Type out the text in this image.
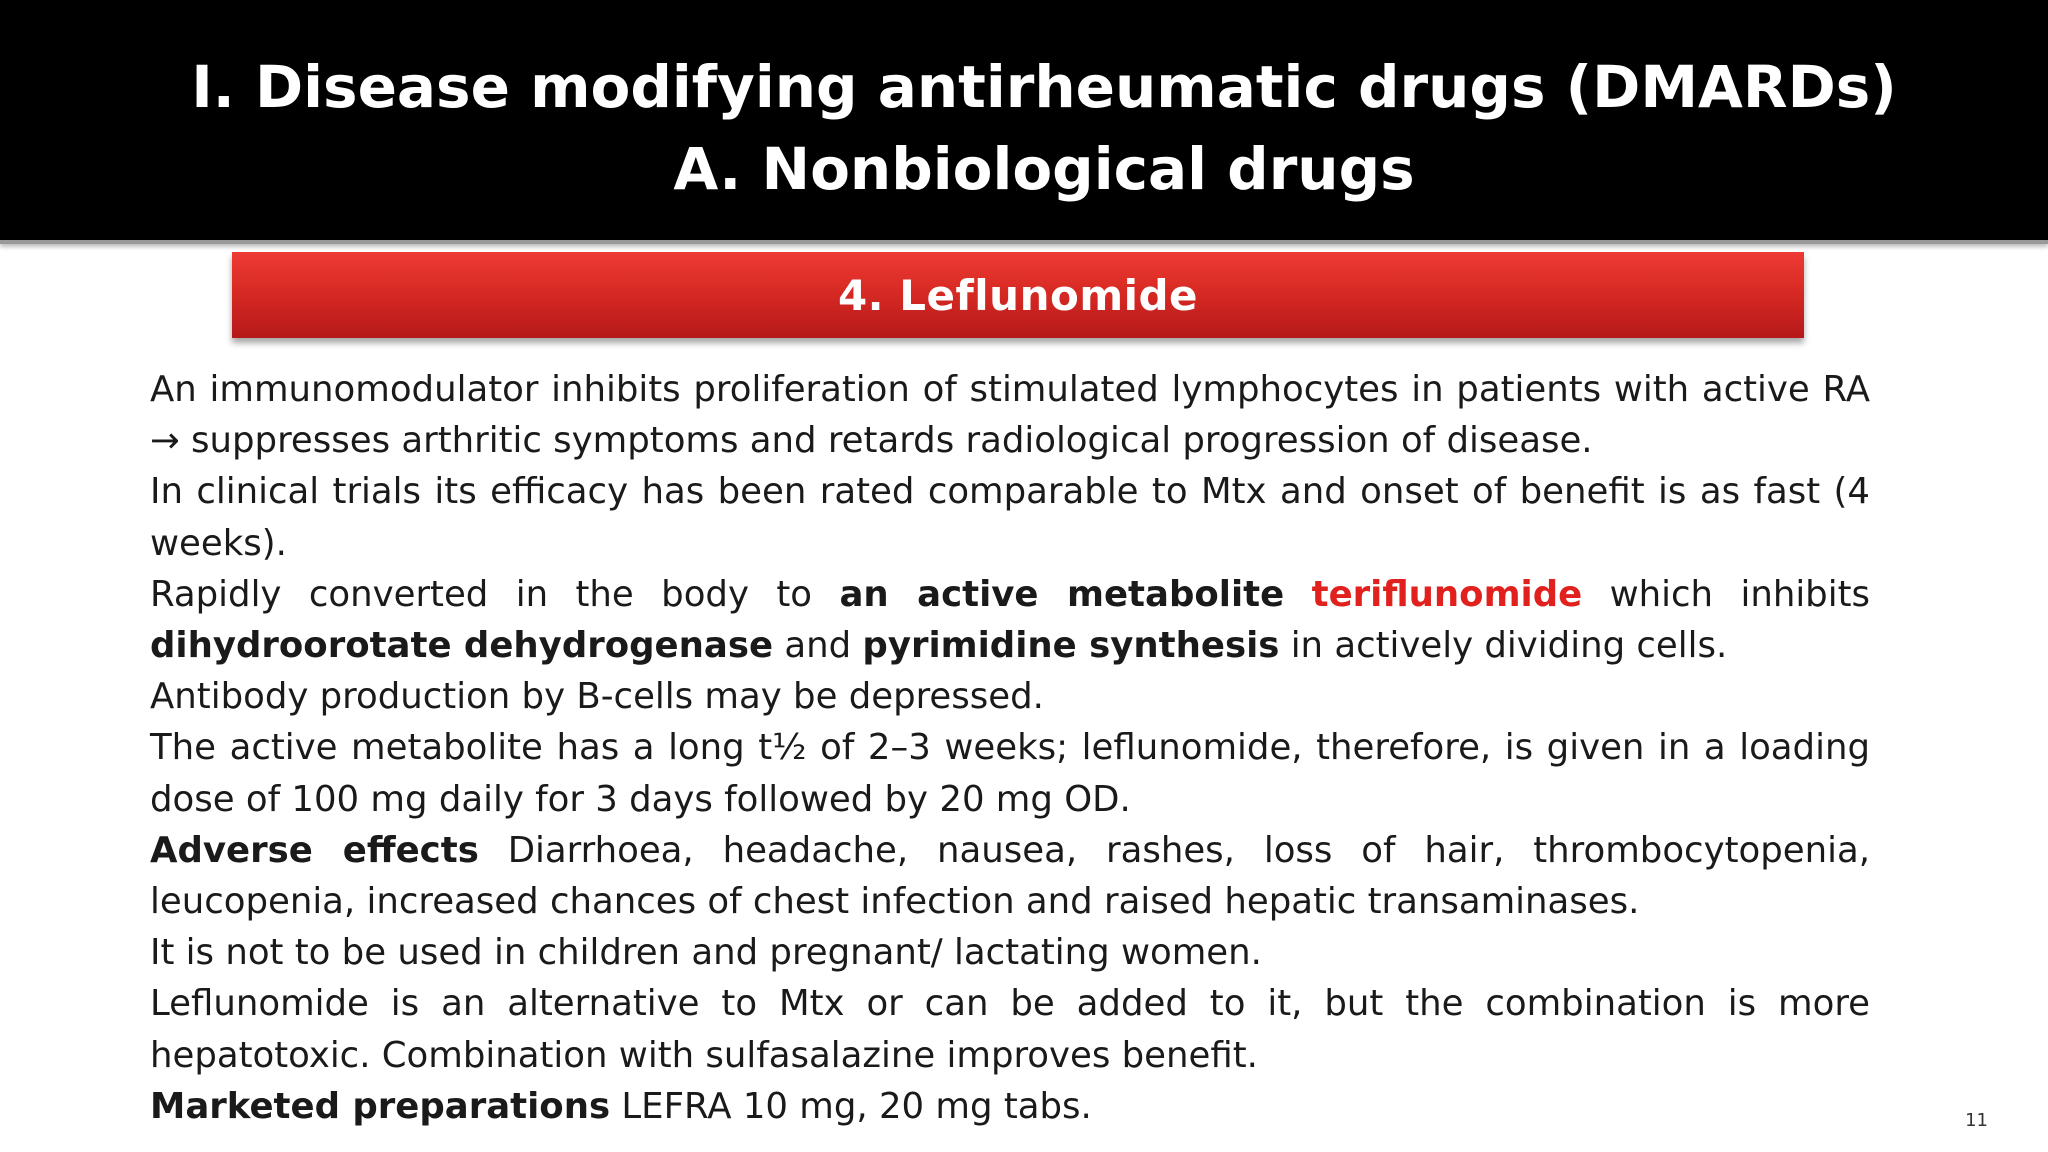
I. Disease modifying antirheumatic drugs (DMARDs)
A. Nonbiological drugs
4. Leflunomide

An immunomodulator inhibits proliferation of stimulated lymphocytes in patients with active RA → suppresses arthritic symptoms and retards radiological progression of disease.

In clinical trials its efficacy has been rated comparable to Mtx and onset of benefit is as fast (4 weeks).

Rapidly converted in the body to an active metabolite teriflunomide which inhibits dihydroorotate dehydrogenase and pyrimidine synthesis in actively dividing cells.

Antibody production by B-cells may be depressed.

The active metabolite has a long t½ of 2–3 weeks; leflunomide, therefore, is given in a loading dose of 100 mg daily for 3 days followed by 20 mg OD.

Adverse effects Diarrhoea, headache, nausea, rashes, loss of hair, thrombocytopenia, leucopenia, increased chances of chest infection and raised hepatic transaminases.

It is not to be used in children and pregnant/ lactating women.

Leflunomide is an alternative to Mtx or can be added to it, but the combination is more hepatotoxic. Combination with sulfasalazine improves benefit.

Marketed preparations LEFRA 10 mg, 20 mg tabs.	11
